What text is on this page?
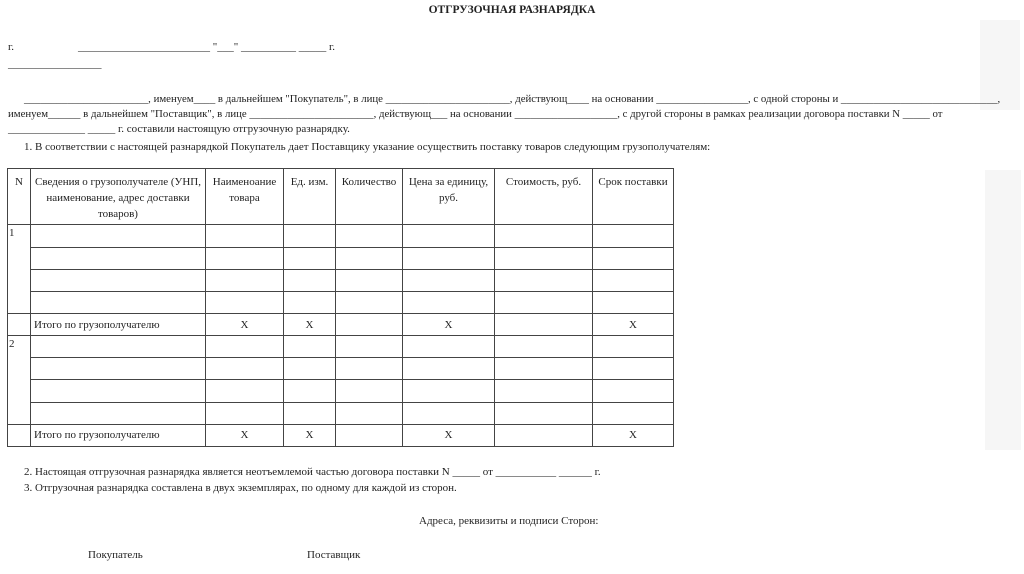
ОТГРУЗОЧНАЯ РАЗНАРЯДКА
г.	________________________ "___" __________ _____ г.
_________________
_______________________, именуем____ в дальнейшем "Покупатель", в лице _______________________, действующ____ на основании _________________, с одной стороны и _____________________________,
именуем______ в дальнейшем "Поставщик", в лице _______________________, действующ___ на основании ___________________, с другой стороны в рамках реализации договора поставки N _____ от
______________ _____ г. составили настоящую отгрузочную разнарядку.
1. В соответствии с настоящей разнарядкой Покупатель дает Поставщику указание осуществить поставку товаров следующим грузополучателям:
N	Сведения о грузополучателе (УНП, наименование, адрес доставки товаров)	Наименоание товара	Ед. изм.	Количество	Цена за единицу, руб.	Стоимость, руб.	Срок поставки
1							

	Итого по грузополучателю	X	X		X		X
2							

	Итого по грузополучателю	X	X		X		X
2. Настоящая отгрузочная разнарядка является неотъемлемой частью договора поставки N _____ от ___________ ______ г.
3. Отгрузочная разнарядка составлена в двух экземплярах, по одному для каждой из сторон.
Адреса, реквизиты и подписи Сторон:
Покупатель	Поставщик
